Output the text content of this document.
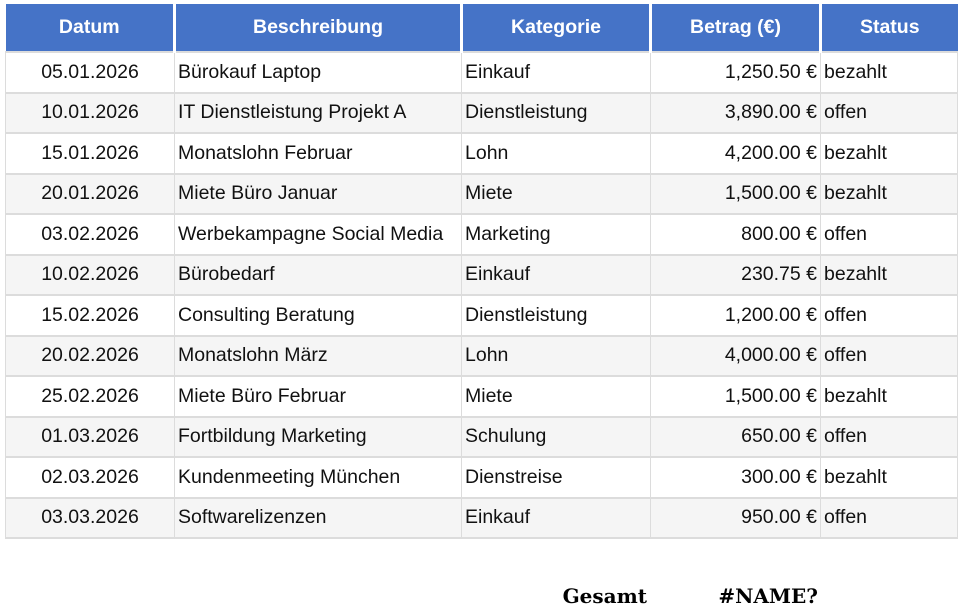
Datum	Beschreibung	Kategorie	Betrag (€)	Status
05.01.2026	Bürokauf Laptop	Einkauf	1,250.50 €	bezahlt
10.01.2026	IT Dienstleistung Projekt A	Dienstleistung	3,890.00 €	offen
15.01.2026	Monatslohn Februar	Lohn	4,200.00 €	bezahlt
20.01.2026	Miete Büro Januar	Miete	1,500.00 €	bezahlt
03.02.2026	Werbekampagne Social Media	Marketing	800.00 €	offen
10.02.2026	Bürobedarf	Einkauf	230.75 €	bezahlt
15.02.2026	Consulting Beratung	Dienstleistung	1,200.00 €	offen
20.02.2026	Monatslohn März	Lohn	4,000.00 €	offen
25.02.2026	Miete Büro Februar	Miete	1,500.00 €	bezahlt
01.03.2026	Fortbildung Marketing	Schulung	650.00 €	offen
02.03.2026	Kundenmeeting München	Dienstreise	300.00 €	bezahlt
03.03.2026	Softwarelizenzen	Einkauf	950.00 €	offen
Gesamt	#NAME?
